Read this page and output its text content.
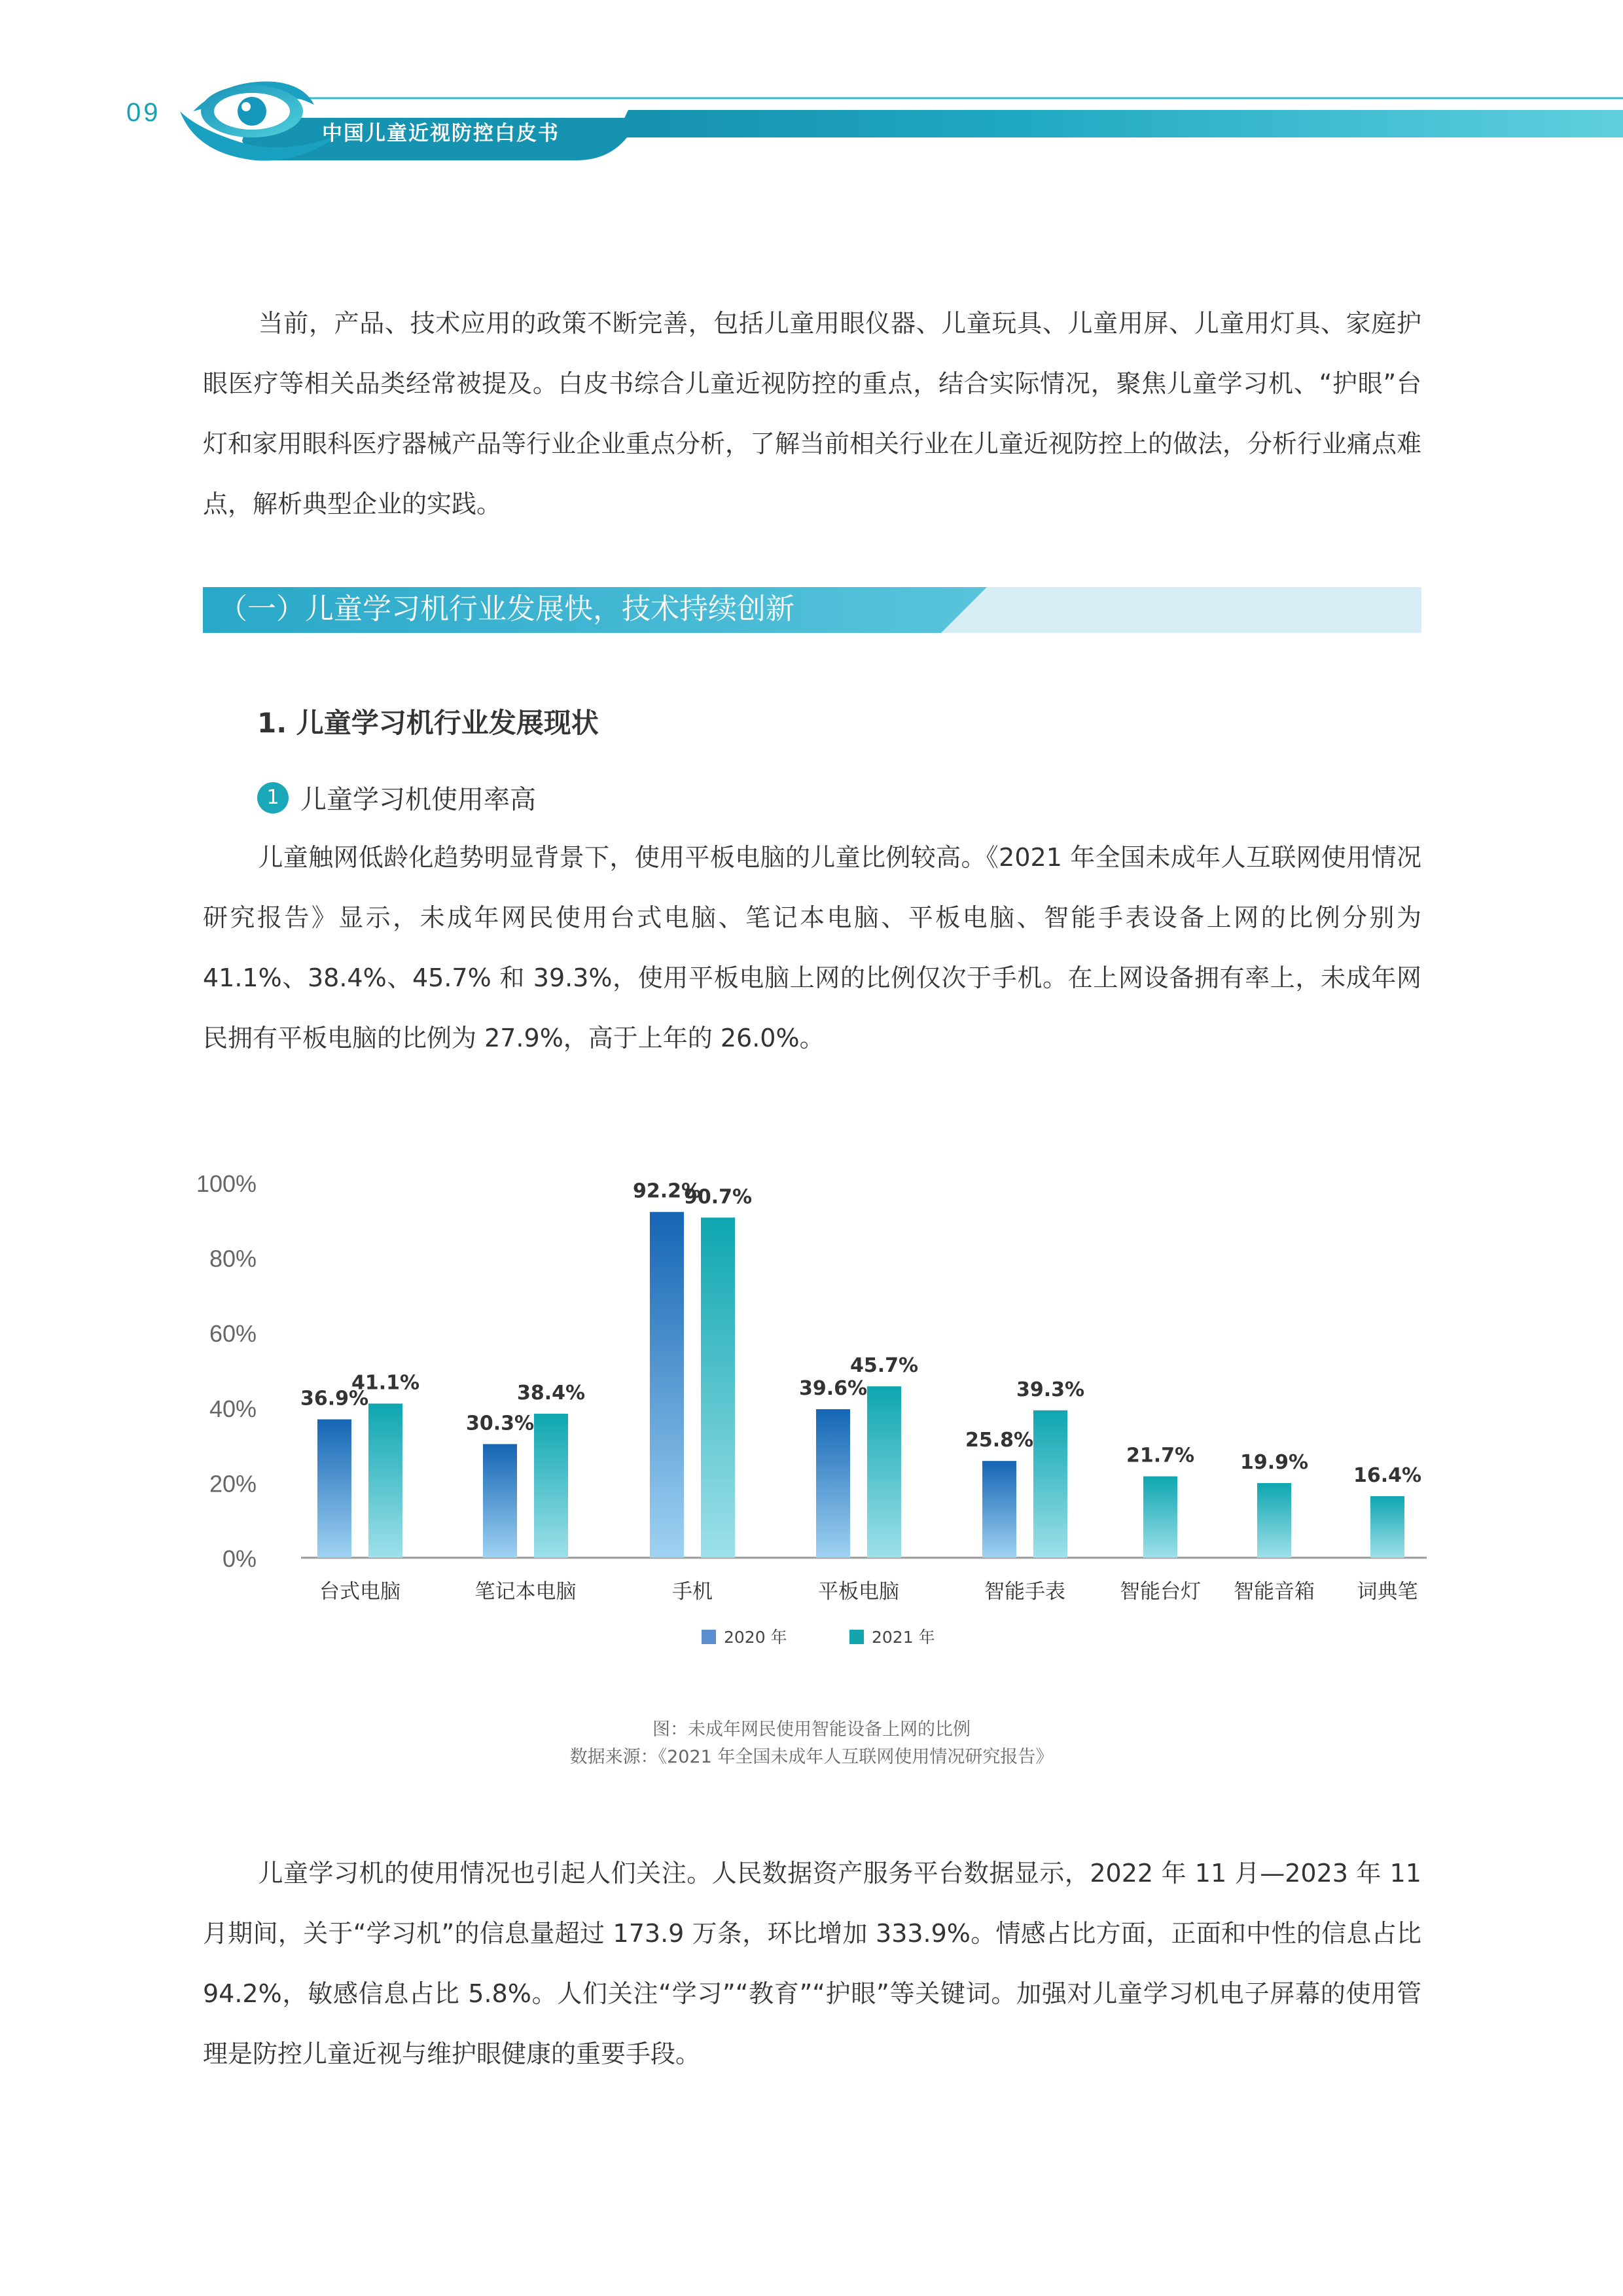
09
中国儿童近视防控白皮书

当前，产品、技术应用的政策不断完善，包括儿童用眼仪器、儿童玩具、儿童用屏、儿童用灯具、家庭护眼医疗等相关品类经常被提及。白皮书综合儿童近视防控的重点，结合实际情况，聚焦儿童学习机、“护眼”台灯和家用眼科医疗器械产品等行业企业重点分析，了解当前相关行业在儿童近视防控上的做法，分析行业痛点难点，解析典型企业的实践。

（一）儿童学习机行业发展快，技术持续创新
1. 儿童学习机行业发展现状
1 儿童学习机使用率高

儿童触网低龄化趋势明显背景下，使用平板电脑的儿童比例较高。《2021 年全国未成年人互联网使用情况研究报告》显示，未成年网民使用台式电脑、笔记本电脑、平板电脑、智能手表设备上网的比例分别为 41.1%、38.4%、45.7% 和 39.3%，使用平板电脑上网的比例仅次于手机。在上网设备拥有率上，未成年网民拥有平板电脑的比例为 27.9%，高于上年的 26.0%。

0%
20%
40%
60%
80%
100%
36.9%
41.1%
台式电脑
30.3%
38.4%
笔记本电脑
92.2%
90.7%
手机
39.6%
45.7%
平板电脑
25.8%
39.3%
智能手表
21.7%
智能台灯
19.9%
智能音箱
16.4%
词典笔
2020 年	2021 年
图：未成年网民使用智能设备上网的比例
数据来源：《2021 年全国未成年人互联网使用情况研究报告》

儿童学习机的使用情况也引起人们关注。人民数据资产服务平台数据显示，2022 年 11 月—2023 年 11 月期间，关于“学习机”的信息量超过 173.9 万条，环比增加 333.9%。情感占比方面，正面和中性的信息占比 94.2%，敏感信息占比 5.8%。人们关注“学习”“教育”“护眼”等关键词。加强对儿童学习机电子屏幕的使用管理是防控儿童近视与维护眼健康的重要手段。
